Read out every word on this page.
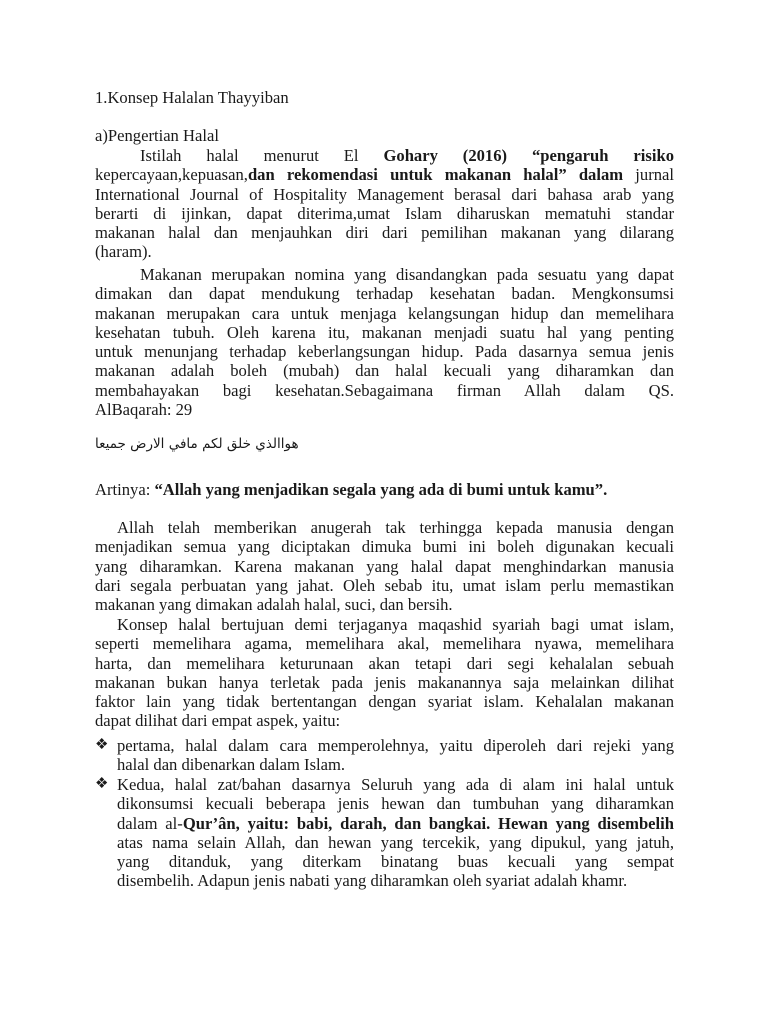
1.Konsep Halalan Thayyiban
a)Pengertian Halal
Istilah halal menurut El Gohary (2016) “pengaruh risiko
kepercayaan,kepuasan,dan rekomendasi untuk makanan halal” dalam jurnal
International Journal of Hospitality Management berasal dari bahasa arab yang
berarti di ijinkan, dapat diterima,umat Islam diharuskan mematuhi standar
makanan halal dan menjauhkan diri dari pemilihan makanan yang dilarang
(haram).
Makanan merupakan nomina yang disandangkan pada sesuatu yang dapat
dimakan dan dapat mendukung terhadap kesehatan badan. Mengkonsumsi
makanan merupakan cara untuk menjaga kelangsungan hidup dan memelihara
kesehatan tubuh. Oleh karena itu, makanan menjadi suatu hal yang penting
untuk menunjang terhadap keberlangsungan hidup. Pada dasarnya semua jenis
makanan adalah boleh (mubah) dan halal kecuali yang diharamkan dan
membahayakan bagi kesehatan.Sebagaimana firman Allah dalam QS.
AlBaqarah: 29
هواالذي خلق لكم مافي الارض جميعا
Artinya: “Allah yang menjadikan segala yang ada di bumi untuk kamu”.
Allah telah memberikan anugerah tak terhingga kepada manusia dengan
menjadikan semua yang diciptakan dimuka bumi ini boleh digunakan kecuali
yang diharamkan. Karena makanan yang halal dapat menghindarkan manusia
dari segala perbuatan yang jahat. Oleh sebab itu, umat islam perlu memastikan
makanan yang dimakan adalah halal, suci, dan bersih.
Konsep halal bertujuan demi terjaganya maqashid syariah bagi umat islam,
seperti memelihara agama, memelihara akal, memelihara nyawa, memelihara
harta, dan memelihara keturunaan akan tetapi dari segi kehalalan sebuah
makanan bukan hanya terletak pada jenis makanannya saja melainkan dilihat
faktor lain yang tidak bertentangan dengan syariat islam. Kehalalan makanan
dapat dilihat dari empat aspek, yaitu:
❖ pertama, halal dalam cara memperolehnya, yaitu diperoleh dari rejeki yang
halal dan dibenarkan dalam Islam.
❖ Kedua, halal zat/bahan dasarnya Seluruh yang ada di alam ini halal untuk
dikonsumsi kecuali beberapa jenis hewan dan tumbuhan yang diharamkan
dalam al-Qur’ân, yaitu: babi, darah, dan bangkai. Hewan yang disembelih
atas nama selain Allah, dan hewan yang tercekik, yang dipukul, yang jatuh,
yang ditanduk, yang diterkam binatang buas kecuali yang sempat
disembelih. Adapun jenis nabati yang diharamkan oleh syariat adalah khamr.
